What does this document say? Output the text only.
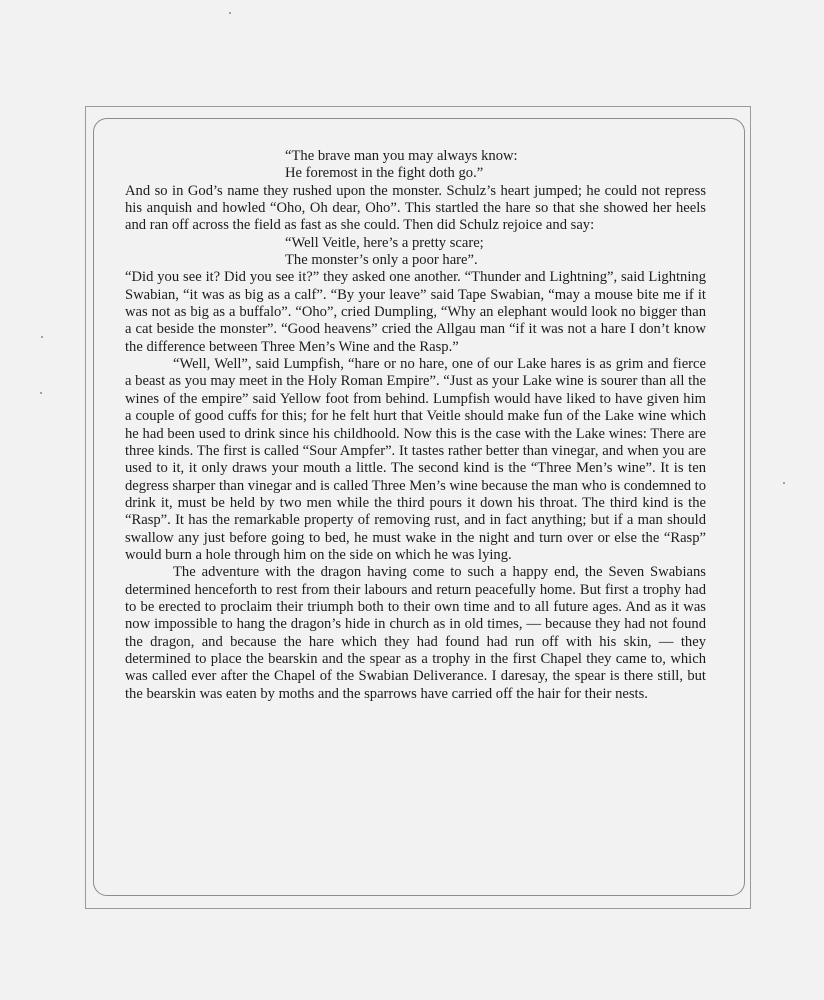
“The brave man you may always know:
He foremost in the fight doth go.”

And so in God’s name they rushed upon the monster. Schulz’s heart jumped; he could not repress his anquish and howled “Oho, Oh dear, Oho”. This startled the hare so that she showed her heels and ran off across the field as fast as she could. Then did Schulz rejoice and say:

“Well Veitle, here’s a pretty scare;
The monster’s only a poor hare”.

“Did you see it? Did you see it?” they asked one another. “Thunder and Lightning”, said Lightning Swabian, “it was as big as a calf”. “By your leave” said Tape Swabian, “may a mouse bite me if it was not as big as a buffalo”. “Oho”, cried Dumpling, “Why an elephant would look no bigger than a cat beside the monster”. “Good heavens” cried the Allgau man “if it was not a hare I don’t know the difference between Three Men’s Wine and the Rasp.”

“Well, Well”, said Lumpfish, “hare or no hare, one of our Lake hares is as grim and fierce a beast as you may meet in the Holy Roman Empire”. “Just as your Lake wine is sourer than all the wines of the empire” said Yellow foot from behind. Lumpfish would have liked to have given him a couple of good cuffs for this; for he felt hurt that Veitle should make fun of the Lake wine which he had been used to drink since his childhoold. Now this is the case with the Lake wines: There are three kinds. The first is called “Sour Ampfer”. It tastes rather better than vinegar, and when you are used to it, it only draws your mouth a little. The second kind is the “Three Men’s wine”. It is ten degress sharper than vinegar and is called Three Men’s wine because the man who is condemned to drink it, must be held by two men while the third pours it down his throat. The third kind is the “Rasp”. It has the remarkable property of removing rust, and in fact anything; but if a man should swallow any just before going to bed, he must wake in the night and turn over or else the “Rasp” would burn a hole through him on the side on which he was lying.

The adventure with the dragon having come to such a happy end, the Seven Swabians determined henceforth to rest from their labours and return peacefully home. But first a trophy had to be erected to proclaim their triumph both to their own time and to all future ages. And as it was now impossible to hang the dragon’s hide in church as in old times, — because they had not found the dragon, and because the hare which they had found had run off with his skin, — they determined to place the bearskin and the spear as a trophy in the first Chapel they came to, which was called ever after the Chapel of the Swabian Deliverance. I daresay, the spear is there still, but the bearskin was eaten by moths and the sparrows have carried off the hair for their nests.
